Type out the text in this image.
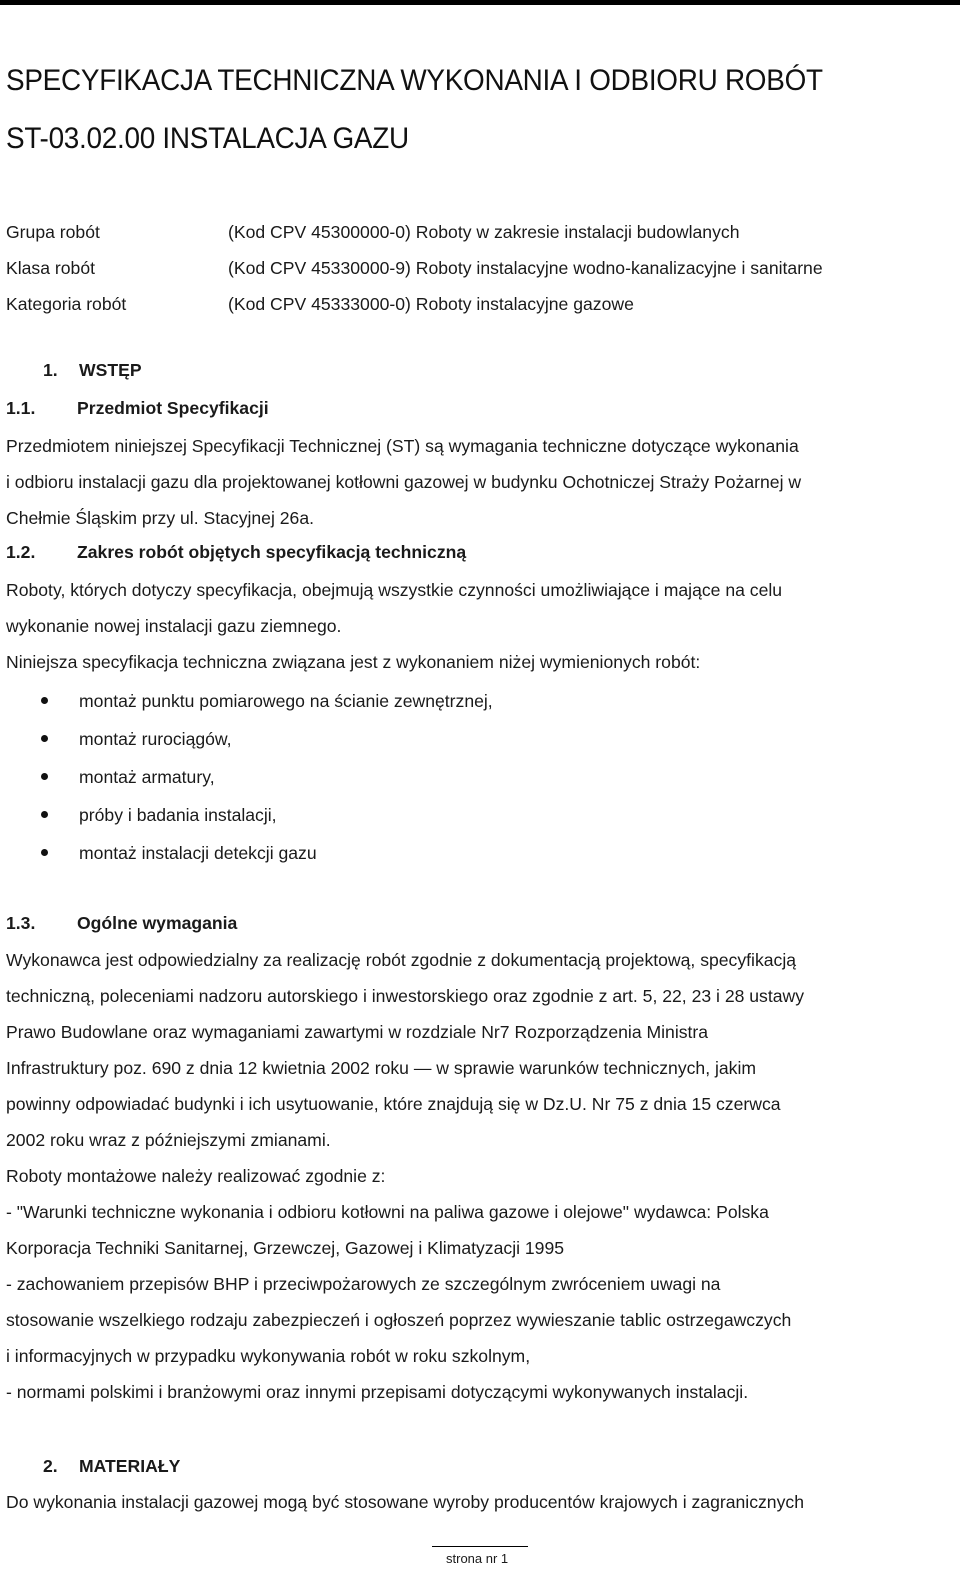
SPECYFIKACJA TECHNICZNA WYKONANIA I ODBIORU ROBÓT
ST-03.02.00 INSTALACJA GAZU
Grupa robót	(Kod CPV 45300000-0) Roboty w zakresie instalacji budowlanych
Klasa robót	(Kod CPV 45330000-9) Roboty instalacyjne wodno-kanalizacyjne i sanitarne
Kategoria robót	(Kod CPV 45333000-0) Roboty instalacyjne gazowe
1. WSTĘP
1.1. Przedmiot Specyfikacji
Przedmiotem niniejszej Specyfikacji Technicznej (ST) są wymagania techniczne dotyczące wykonania
i odbioru instalacji gazu dla projektowanej kotłowni gazowej w budynku Ochotniczej Straży Pożarnej w
Chełmie Śląskim przy ul. Stacyjnej 26a.
1.2. Zakres robót objętych specyfikacją techniczną
Roboty, których dotyczy specyfikacja, obejmują wszystkie czynności umożliwiające i mające na celu
wykonanie nowej instalacji gazu ziemnego.
Niniejsza specyfikacja techniczna związana jest z wykonaniem niżej wymienionych robót:
montaż punktu pomiarowego na ścianie zewnętrznej,
montaż rurociągów,
montaż armatury,
próby i badania instalacji,
montaż instalacji detekcji gazu
1.3. Ogólne wymagania
Wykonawca jest odpowiedzialny za realizację robót zgodnie z dokumentacją projektową, specyfikacją
techniczną, poleceniami nadzoru autorskiego i inwestorskiego oraz zgodnie z art. 5, 22, 23 i 28 ustawy
Prawo Budowlane oraz wymaganiami zawartymi w rozdziale Nr7 Rozporządzenia Ministra
Infrastruktury poz. 690 z dnia 12 kwietnia 2002 roku — w sprawie warunków technicznych, jakim
powinny odpowiadać budynki i ich usytuowanie, które znajdują się w Dz.U. Nr 75 z dnia 15 czerwca
2002 roku wraz z późniejszymi zmianami.
Roboty montażowe należy realizować zgodnie z:
- "Warunki techniczne wykonania i odbioru kotłowni na paliwa gazowe i olejowe" wydawca: Polska
Korporacja Techniki Sanitarnej, Grzewczej, Gazowej i Klimatyzacji 1995
- zachowaniem przepisów BHP i przeciwpożarowych ze szczególnym zwróceniem uwagi na
stosowanie wszelkiego rodzaju zabezpieczeń i ogłoszeń poprzez wywieszanie tablic ostrzegawczych
i informacyjnych w przypadku wykonywania robót w roku szkolnym,
- normami polskimi i branżowymi oraz innymi przepisami dotyczącymi wykonywanych instalacji.
2. MATERIAŁY
Do wykonania instalacji gazowej mogą być stosowane wyroby producentów krajowych i zagranicznych
strona nr 1
